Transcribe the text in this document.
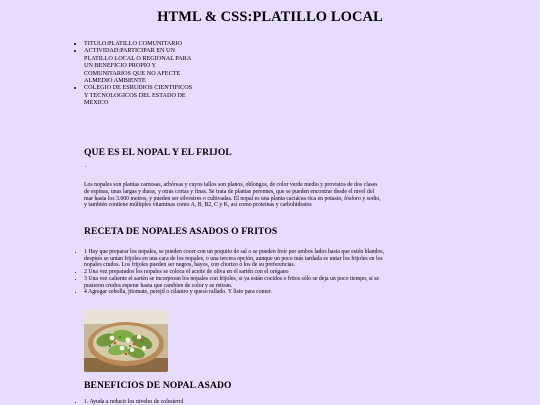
HTML & CSS:PLATILLO LOCAL
• TITULO:PLATILLO COMUNITARIO
• ACTIVIDAD:PARTICIPAR EN UN PLATILLO LOCAL O REGIONAL PARA UN BENEFICIO PROPIO Y COMUNITARIOS QUE NO AFECTE ALMEDIO AMBIENTE
• COLEGIO DE ESRUDIOS CIENTIFICOS Y TECNOLOGICOS DEL ESTADO DE MEXICO
QUE ES EL NOPAL Y EL FRIJOL
.

Los nopales son plantas carnosas, arbóreas y cuyos tallos son planos, oblongos, de color verde medio y provistos de dos clases de espinas, unas largas y duras, y otras cortas y finas. Se trata de plantas perennes, que se pueden encontrar desde el nivel del mar hasta los 3.000 metros, y pueden ser silvestres o cultivadas. El nopal es una planta cactácea rica en potasio, fósforo y sodio, y también contiene múltiples vitaminas como A, B, B2, C y K, así como proteínas y carbohidratos

RECETA DE NOPALES ASADOS O FRITOS
• 1 Hay que preparar los nopales, se pueden cocer con un poquito de sal o se pueden freír por ambos lados hasta que estén blandos, después se untan frijoles en una cara de los nopales, o una tercera opción, aunque un poco más tardada es untar los frijoles en los nopales crudos. Los frijoles pueden ser negros, bayos, con chorizo o los de su preferencias.
• 2 Una vez preparados los nopales se coloca el aceite de oliva en el sartén con el orégano
• 3 Una vez caliente el sartén se incorporan los nopales con frijoles, si ya están cocidos o fritos sólo se deja un poco tiempo, si se pusieron crudos esperar hasta que cambien de color y se retiran.
• 4 Agregar cebolla, jitomate, perejil o cilantro y queso rallado. Y listo para comer.
BENEFICIOS DE NOPAL ASADO
• 1. Ayuda a reducir los niveles de colesterol
